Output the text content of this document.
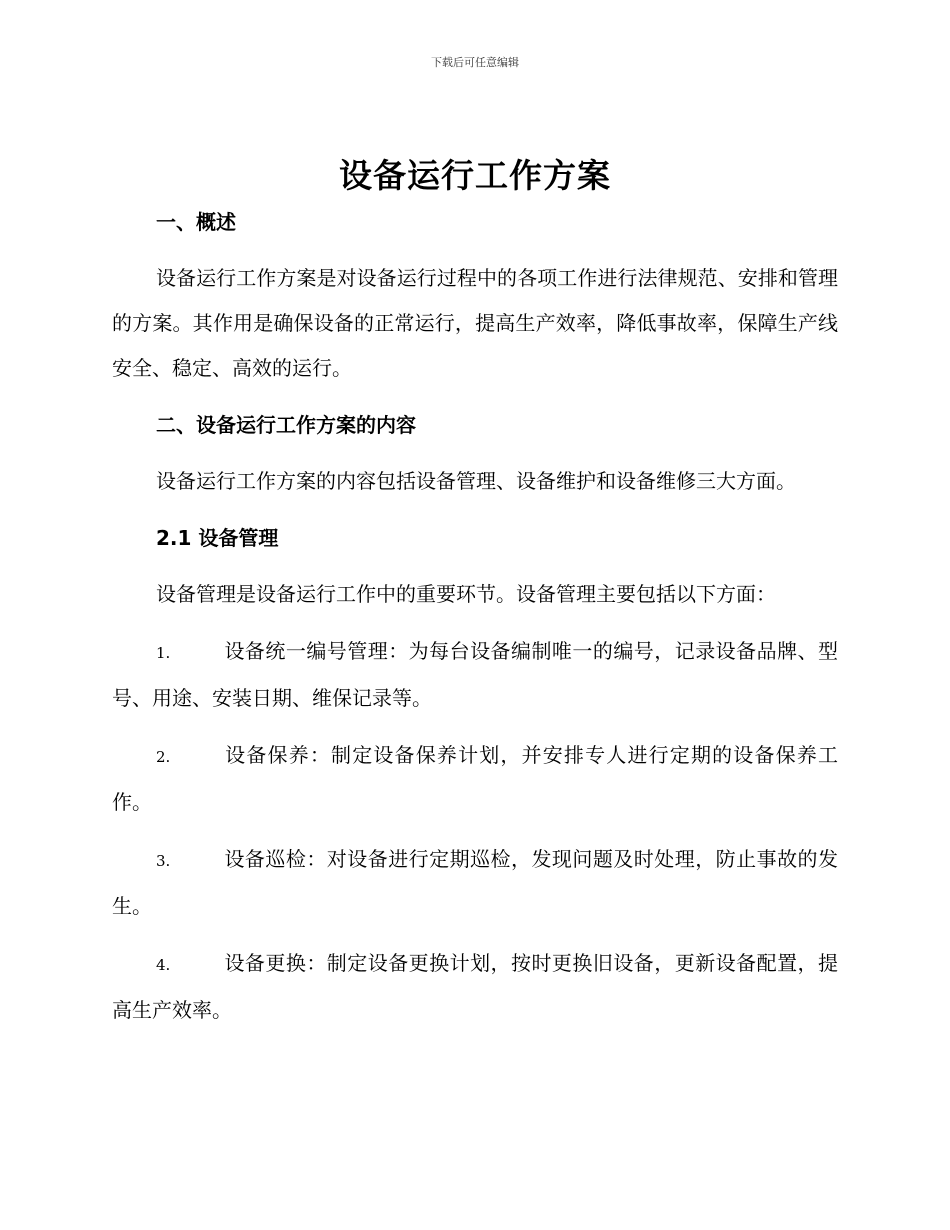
下载后可任意编辑
设备运行工作方案
一、概述

设备运行工作方案是对设备运行过程中的各项工作进行法律规范、安排和管理的方案。其作用是确保设备的正常运行，提高生产效率，降低事故率，保障生产线安全、稳定、高效的运行。

二、设备运行工作方案的内容

设备运行工作方案的内容包括设备管理、设备维护和设备维修三大方面。

2.1 设备管理

设备管理是设备运行工作中的重要环节。设备管理主要包括以下方面：

1.	设备统一编号管理：为每台设备编制唯一的编号，记录设备品牌、型号、用途、安装日期、维保记录等。

2.	设备保养：制定设备保养计划，并安排专人进行定期的设备保养工作。

3.	设备巡检：对设备进行定期巡检，发现问题及时处理，防止事故的发生。

4.	设备更换：制定设备更换计划，按时更换旧设备，更新设备配置，提高生产效率。
